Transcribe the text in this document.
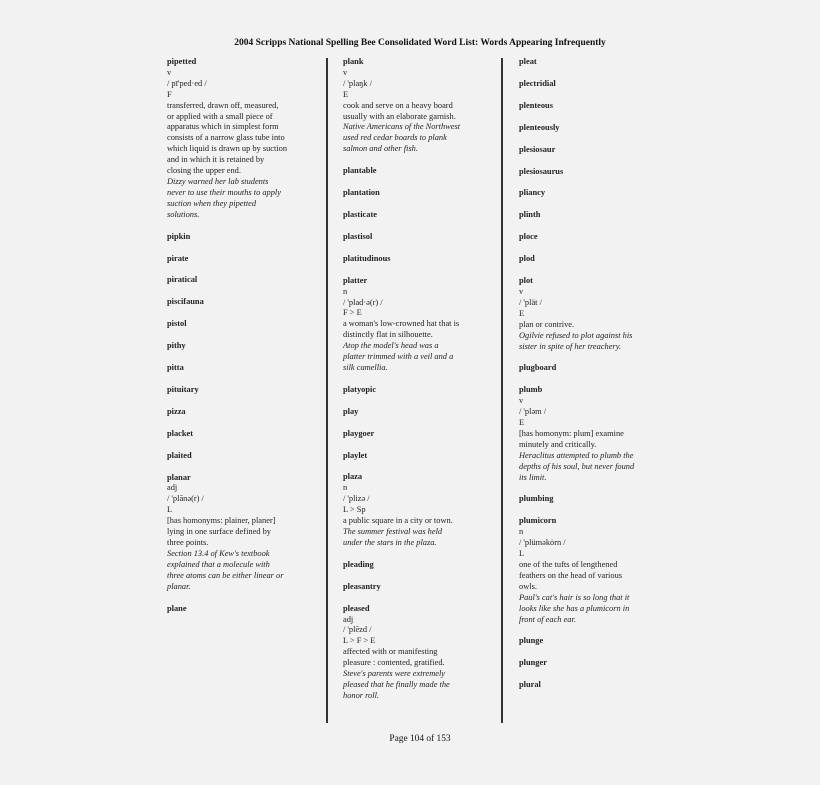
2004 Scripps National Spelling Bee Consolidated Word List: Words Appearing Infrequently
pipetted
v
/ pī'ped·ed /
F
transferred, drawn off, measured,
or applied with a small piece of
apparatus which in simplest form
consists of a narrow glass tube into
which liquid is drawn up by suction
and in which it is retained by
closing the upper end.
Dizzy warned her lab students
never to use their mouths to apply
suction when they pipetted
solutions.
pipkin
pirate
piratical
piscifauna
pistol
pithy
pitta
pituitary
pizza
placket
plaited
planar
adj
/ 'plānə(r) /
L
[has homonyms: plainer, planer]
lying in one surface defined by
three points.
Section 13.4 of Kew's textbook
explained that a molecule with
three atoms can be either linear or
planar.
plane
plank
v
/ 'plaŋk /
E
cook and serve on a heavy board
usually with an elaborate garnish.
Native Americans of the Northwest
used red cedar boards to plank
salmon and other fish.
plantable
plantation
plasticate
plastisol
platitudinous
platter
n
/ 'plad·ə(r) /
F > E
a woman's low-crowned hat that is
distinctly flat in silhouette.
Atop the model's head was a
platter trimmed with a veil and a
silk camellia.
platyopic
play
playgoer
playlet
plaza
n
/ 'plizə /
L > Sp
a public square in a city or town.
The summer festival was held
under the stars in the plaza.
pleading
pleasantry
pleased
adj
/ 'plēzd /
L > F > E
affected with or manifesting
pleasure : contented, gratified.
Steve's parents were extremely
pleased that he finally made the
honor roll.
pleat
plectridial
plenteous
plenteously
plesiosaur
plesiosaurus
pliancy
plinth
ploce
plod
plot
v
/ 'plät /
E
plan or contrive.
Ogilvie refused to plot against his
sister in spite of her treachery.
plugboard
plumb
v
/ 'pləm /
E
[has homonym: plum] examine
minutely and critically.
Heraclitus attempted to plumb the
depths of his soul, but never found
its limit.
plumbing
plumicorn
n
/ 'plüməkȯrn /
L
one of the tufts of lengthened
feathers on the head of various
owls.
Paul's cat's hair is so long that it
looks like she has a plumicorn in
front of each ear.
plunge
plunger
plural
Page 104 of 153
